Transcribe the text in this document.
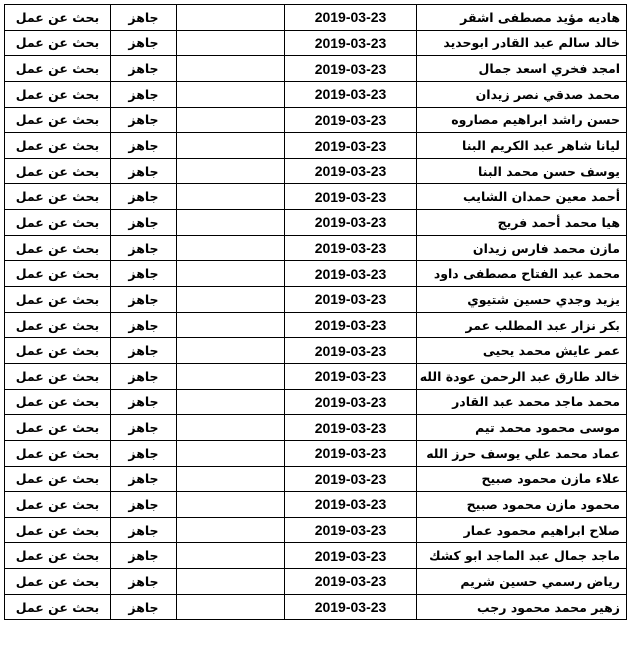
هاديه مؤيد مصطفى اشقر	2019-03-23		جاهز	بحث عن عمل
خالد سالم عبد القادر ابوحديد	2019-03-23		جاهز	بحث عن عمل
امجد فخري اسعد جمال	2019-03-23		جاهز	بحث عن عمل
محمد صدقي نصر زيدان	2019-03-23		جاهز	بحث عن عمل
حسن راشد ابراهيم مصاروه	2019-03-23		جاهز	بحث عن عمل
ليانا شاهر عبد الكريم البنا	2019-03-23		جاهز	بحث عن عمل
يوسف حسن محمد البنا	2019-03-23		جاهز	بحث عن عمل
أحمد معين حمدان الشايب	2019-03-23		جاهز	بحث عن عمل
هيا محمد أحمد فريج	2019-03-23		جاهز	بحث عن عمل
مازن محمد فارس زيدان	2019-03-23		جاهز	بحث عن عمل
محمد عبد الفتاح مصطفى داود	2019-03-23		جاهز	بحث عن عمل
يزيد وجدي حسين شتيوي	2019-03-23		جاهز	بحث عن عمل
بكر نزار عبد المطلب عمر	2019-03-23		جاهز	بحث عن عمل
عمر عايش محمد يحيى	2019-03-23		جاهز	بحث عن عمل
خالد طارق عبد الرحمن عودة الله	2019-03-23		جاهز	بحث عن عمل
محمد ماجد محمد عبد القادر	2019-03-23		جاهز	بحث عن عمل
موسى محمود محمد تيم	2019-03-23		جاهز	بحث عن عمل
عماد محمد علي يوسف حرز الله	2019-03-23		جاهز	بحث عن عمل
علاء مازن محمود صبيح	2019-03-23		جاهز	بحث عن عمل
محمود مازن محمود صبيح	2019-03-23		جاهز	بحث عن عمل
صلاح ابراهيم محمود عمار	2019-03-23		جاهز	بحث عن عمل
ماجد جمال عبد الماجد ابو كشك	2019-03-23		جاهز	بحث عن عمل
رياض رسمي حسين شريم	2019-03-23		جاهز	بحث عن عمل
زهير محمد محمود رجب	2019-03-23		جاهز	بحث عن عمل
